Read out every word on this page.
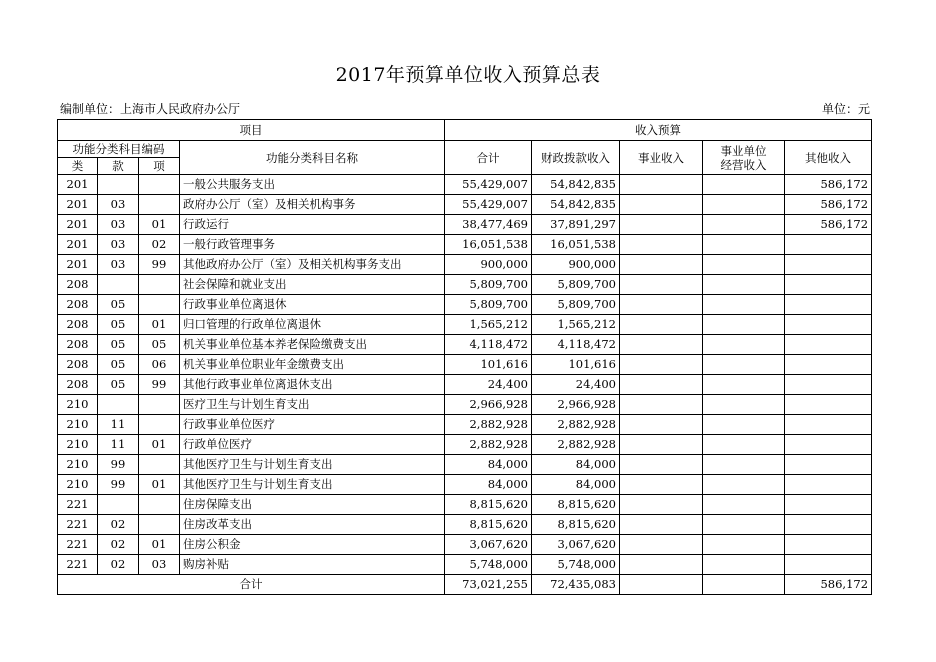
2017年预算单位收入预算总表
编制单位：上海市人民政府办公厅	单位：元
项目				收入预算				
功能分类科目编码			功能分类科目名称	合计	财政拨款收入	事业收入	事业单位
经营收入	其他收入
类	款	项						
201			一般公共服务支出	55,429,007	54,842,835			586,172
201	03		政府办公厅（室）及相关机构事务	55,429,007	54,842,835			586,172
201	03	01	行政运行	38,477,469	37,891,297			586,172
201	03	02	一般行政管理事务	16,051,538	16,051,538			
201	03	99	其他政府办公厅（室）及相关机构事务支出	900,000	900,000			
208			社会保障和就业支出	5,809,700	5,809,700			
208	05		行政事业单位离退休	5,809,700	5,809,700			
208	05	01	归口管理的行政单位离退休	1,565,212	1,565,212			
208	05	05	机关事业单位基本养老保险缴费支出	4,118,472	4,118,472			
208	05	06	机关事业单位职业年金缴费支出	101,616	101,616			
208	05	99	其他行政事业单位离退休支出	24,400	24,400			
210			医疗卫生与计划生育支出	2,966,928	2,966,928			
210	11		行政事业单位医疗	2,882,928	2,882,928			
210	11	01	行政单位医疗	2,882,928	2,882,928			
210	99		其他医疗卫生与计划生育支出	84,000	84,000			
210	99	01	其他医疗卫生与计划生育支出	84,000	84,000			
221			住房保障支出	8,815,620	8,815,620			
221	02		住房改革支出	8,815,620	8,815,620			
221	02	01	住房公积金	3,067,620	3,067,620			
221	02	03	购房补贴	5,748,000	5,748,000			
合计				73,021,255	72,435,083			586,172
